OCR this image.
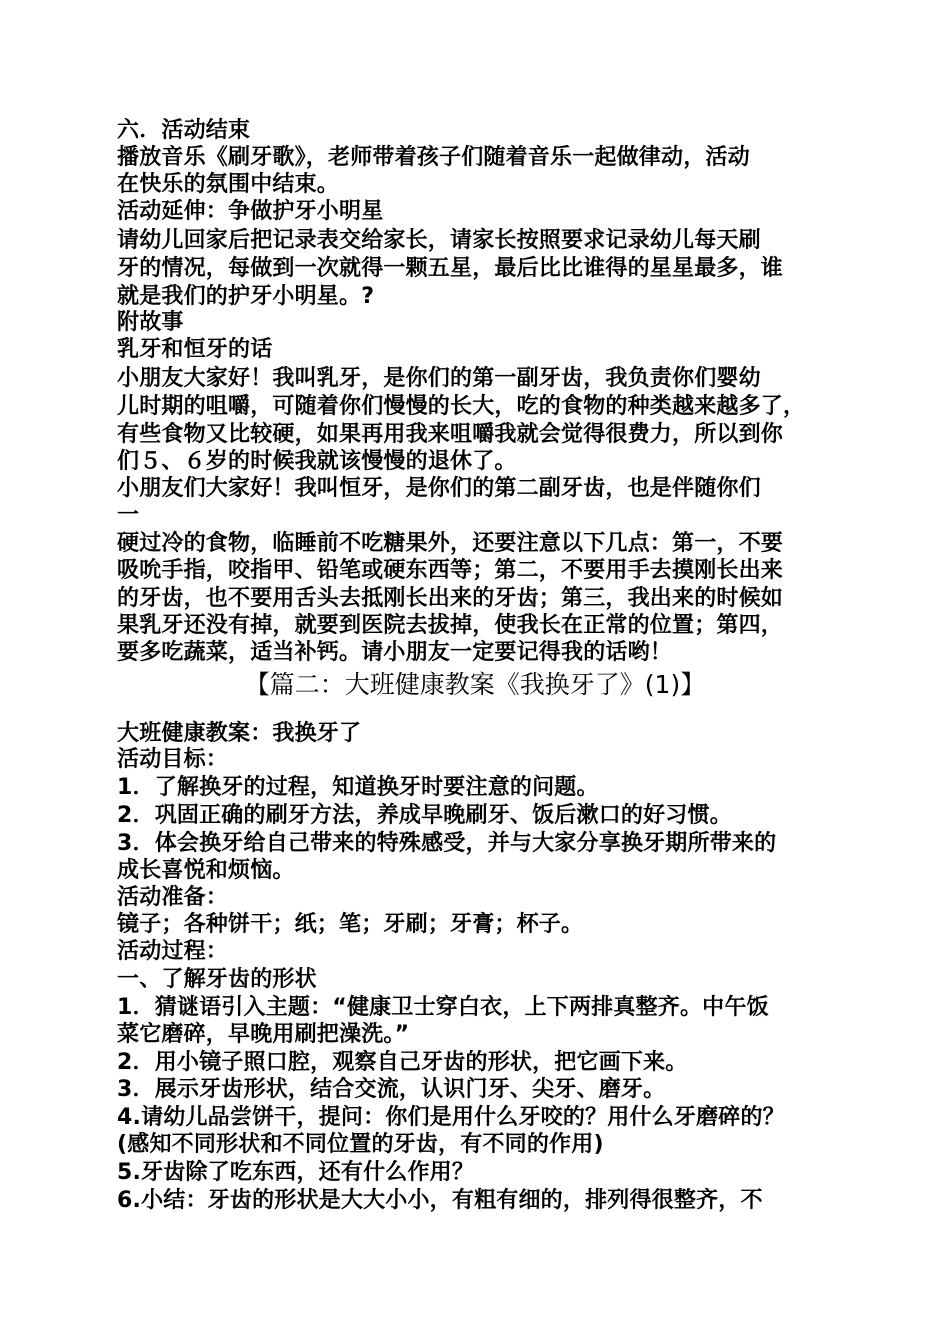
六．活动结束
播放音乐《刷牙歌》，老师带着孩子们随着音乐一起做律动，活动
在快乐的氛围中结束。
活动延伸：争做护牙小明星
请幼儿回家后把记录表交给家长，请家长按照要求记录幼儿每天刷
牙的情况，每做到一次就得一颗五星，最后比比谁得的星星最多，谁
就是我们的护牙小明星。?
附故事
乳牙和恒牙的话
小朋友大家好！我叫乳牙，是你们的第一副牙齿，我负责你们婴幼
儿时期的咀嚼，可随着你们慢慢的长大，吃的食物的种类越来越多了，
有些食物又比较硬，如果再用我来咀嚼我就会觉得很费力，所以到你
们５、６岁的时候我就该慢慢的退休了。
小朋友们大家好！我叫恒牙，是你们的第二副牙齿，也是伴随你们
一
硬过冷的食物，临睡前不吃糖果外，还要注意以下几点：第一，不要
吸吮手指，咬指甲、铅笔或硬东西等；第二，不要用手去摸刚长出来
的牙齿，也不要用舌头去抵刚长出来的牙齿；第三，我出来的时候如
果乳牙还没有掉，就要到医院去拔掉，使我长在正常的位置；第四，
要多吃蔬菜，适当补钙。请小朋友一定要记得我的话哟！
【篇二：大班健康教案《我换牙了》(1)】
大班健康教案：我换牙了
活动目标：
1．了解换牙的过程，知道换牙时要注意的问题。
2．巩固正确的刷牙方法，养成早晚刷牙、饭后漱口的好习惯。
3．体会换牙给自己带来的特殊感受，并与大家分享换牙期所带来的
成长喜悦和烦恼。
活动准备：
镜子；各种饼干；纸；笔；牙刷；牙膏；杯子。
活动过程：
一、了解牙齿的形状
1．猜谜语引入主题：“健康卫士穿白衣，上下两排真整齐。中午饭
菜它磨碎，早晚用刷把澡洗。”
2．用小镜子照口腔，观察自己牙齿的形状，把它画下来。
3．展示牙齿形状，结合交流，认识门牙、尖牙、磨牙。
4.请幼儿品尝饼干，提问：你们是用什么牙咬的？用什么牙磨碎的？
(感知不同形状和不同位置的牙齿，有不同的作用)
5.牙齿除了吃东西，还有什么作用？
6.小结：牙齿的形状是大大小小，有粗有细的，排列得很整齐，不
